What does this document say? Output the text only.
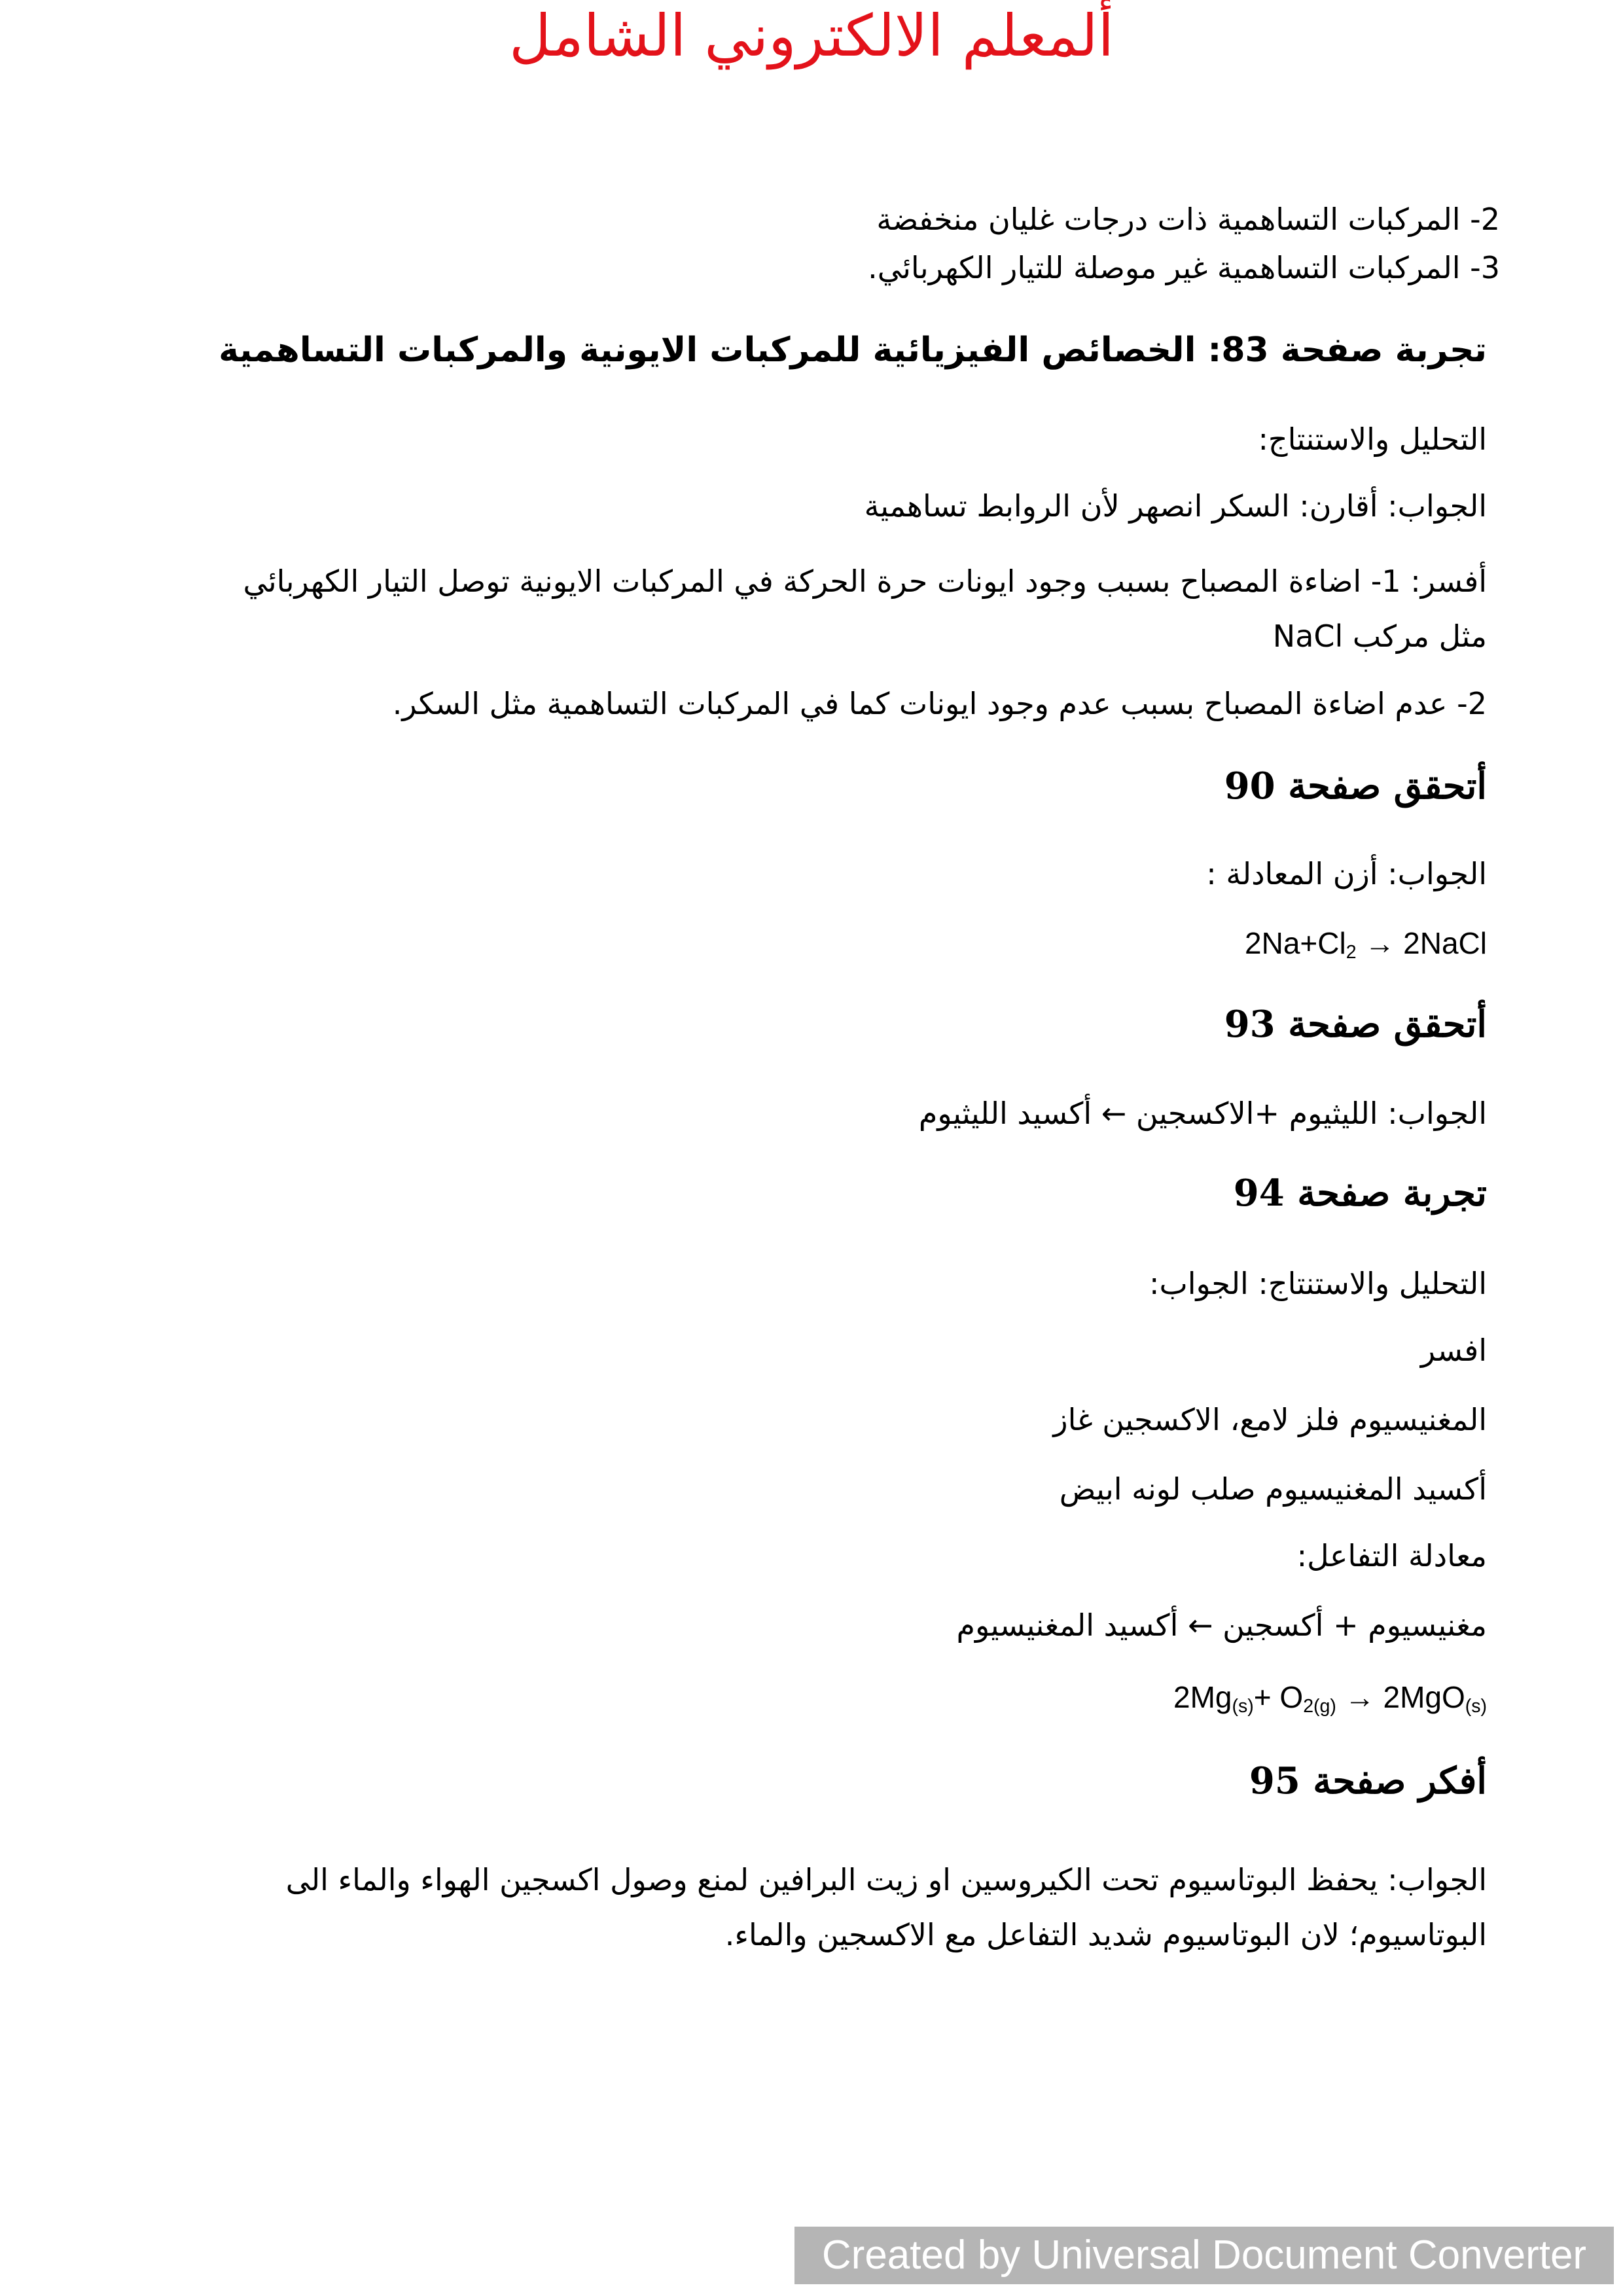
ألمعلم الالكتروني الشامل
2- المركبات التساهمية ذات درجات غليان منخفضة
3- المركبات التساهمية غير موصلة للتيار الكهربائي.
تجربة صفحة 83: الخصائص الفيزيائية للمركبات الايونية والمركبات التساهمية
التحليل والاستنتاج:
الجواب: أقارن: السكر انصهر لأن الروابط تساهمية
أفسر: 1- اضاءة المصباح بسبب وجود ايونات حرة الحركة في المركبات الايونية توصل التيار الكهربائي مثل مركب NaCl
2- عدم اضاءة المصباح بسبب عدم وجود ايونات كما في المركبات التساهمية مثل السكر.
أتحقق صفحة 90
الجواب: أزن المعادلة :
$2Na+Cl_2$ → 2NaCl
أتحقق صفحة 93
الجواب: الليثيوم +الاكسجين ← أكسيد الليثيوم
تجربة صفحة 94
التحليل والاستنتاج: الجواب:
افسر
المغنيسيوم فلز لامع، الاكسجين غاز
أكسيد المغنيسيوم صلب لونه ابيض
معادلة التفاعل:
مغنيسيوم + أكسجين ← أكسيد المغنيسيوم
$2Mg_{(s)}+ O_{2(g)} \to 2MgO_{(s)}$
أفكر صفحة 95
الجواب: يحفظ البوتاسيوم تحت الكيروسين او زيت البرافين لمنع وصول اكسجين الهواء والماء الى البوتاسيوم؛ لان البوتاسيوم شديد التفاعل مع الاكسجين والماء.
Created by Universal Document Converter
